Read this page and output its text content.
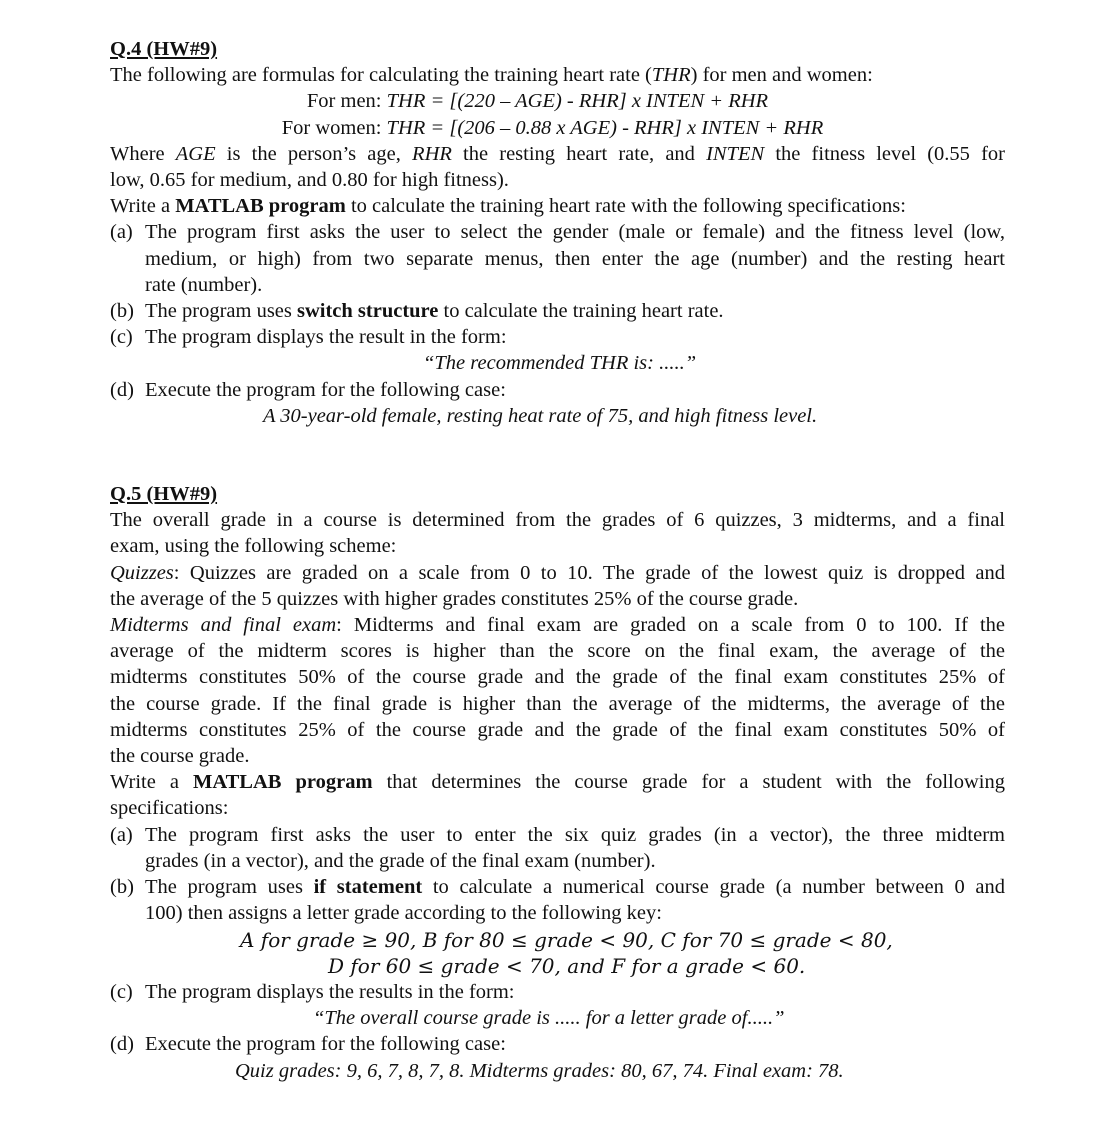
Q.4 (HW#9)
The following are formulas for calculating the training heart rate (THR) for men and women:
For men: THR = [(220 – AGE) - RHR] x INTEN + RHR
For women: THR = [(206 – 0.88 x AGE) - RHR] x INTEN + RHR
Where AGE is the person’s age, RHR the resting heart rate, and INTEN the fitness level (0.55 for
low, 0.65 for medium, and 0.80 for high fitness).
Write a MATLAB program to calculate the training heart rate with the following specifications:
(a) The program first asks the user to select the gender (male or female) and the fitness level (low,
medium, or high) from two separate menus, then enter the age (number) and the resting heart
rate (number).
(b) The program uses switch structure to calculate the training heart rate.
(c) The program displays the result in the form:
“The recommended THR is: .....”
(d) Execute the program for the following case:
A 30-year-old female, resting heat rate of 75, and high fitness level.
Q.5 (HW#9)
The overall grade in a course is determined from the grades of 6 quizzes, 3 midterms, and a final
exam, using the following scheme:
Quizzes: Quizzes are graded on a scale from 0 to 10. The grade of the lowest quiz is dropped and
the average of the 5 quizzes with higher grades constitutes 25% of the course grade.
Midterms and final exam: Midterms and final exam are graded on a scale from 0 to 100. If the
average of the midterm scores is higher than the score on the final exam, the average of the
midterms constitutes 50% of the course grade and the grade of the final exam constitutes 25% of
the course grade. If the final grade is higher than the average of the midterms, the average of the
midterms constitutes 25% of the course grade and the grade of the final exam constitutes 50% of
the course grade.
Write a MATLAB program that determines the course grade for a student with the following
specifications:
(a) The program first asks the user to enter the six quiz grades (in a vector), the three midterm
grades (in a vector), and the grade of the final exam (number).
(b) The program uses if statement to calculate a numerical course grade (a number between 0 and
100) then assigns a letter grade according to the following key:
A for grade ≥ 90, B for 80 ≤ grade < 90, C for 70 ≤ grade < 80,
D for 60 ≤ grade < 70, and F for a grade < 60.
(c) The program displays the results in the form:
“The overall course grade is ..... for a letter grade of.....”
(d) Execute the program for the following case:
Quiz grades: 9, 6, 7, 8, 7, 8. Midterms grades: 80, 67, 74. Final exam: 78.
